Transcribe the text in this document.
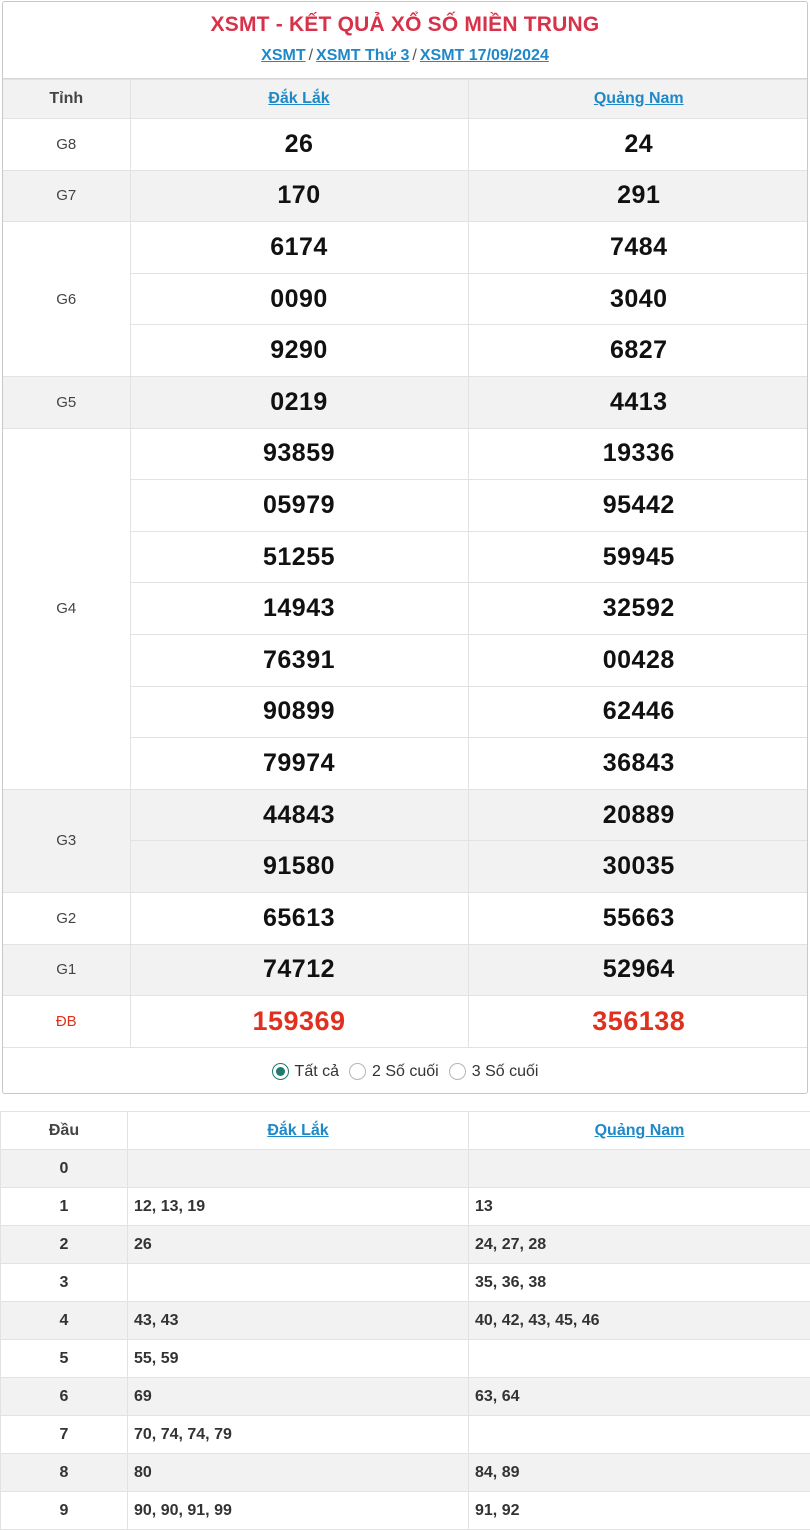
XSMT - KẾT QUẢ XỔ SỐ MIỀN TRUNG
XSMT / XSMT Thứ 3 / XSMT 17/09/2024
Tỉnh	Đắk Lắk	Quảng Nam
G8	26	24
G7	170	291
G6	6174	7484
	0090	3040
	9290	6827
G5	0219	4413
G4	93859	19336
	05979	95442
	51255	59945
	14943	32592
	76391	00428
	90899	62446
	79974	36843
G3	44843	20889
	91580	30035
G2	65613	55663
G1	74712	52964
ĐB	159369	356138
Tất cả 2 Số cuối 3 Số cuối
Đầu	Đắk Lắk	Quảng Nam
0		
1	12, 13, 19	13
2	26	24, 27, 28
3		35, 36, 38
4	43, 43	40, 42, 43, 45, 46
5	55, 59	
6	69	63, 64
7	70, 74, 74, 79	
8	80	84, 89
9	90, 90, 91, 99	91, 92
